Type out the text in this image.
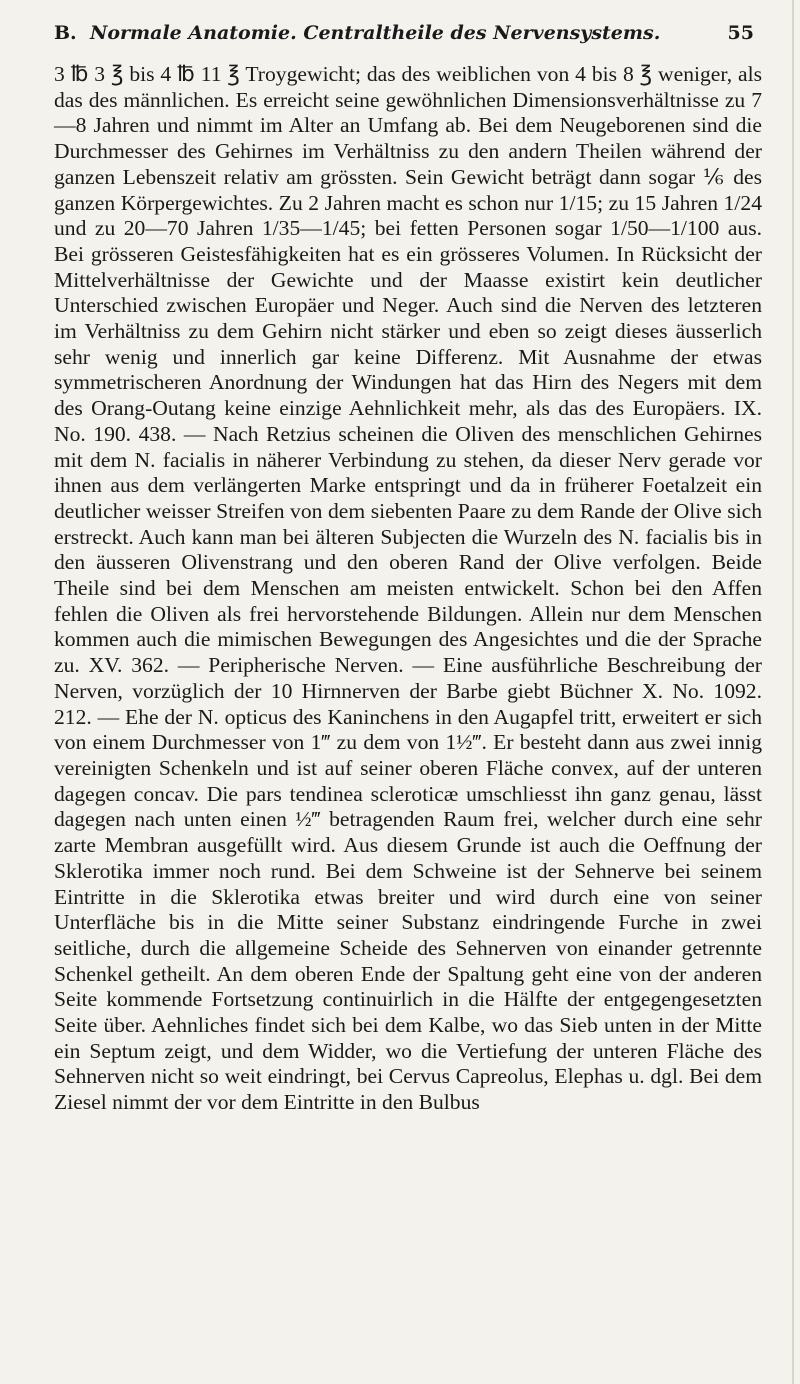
B. Normale Anatomie. Centraltheile des Nervensystems.	55

3 ℔ 3 ℥ bis 4 ℔ 11 ℥ Troygewicht; das des weiblichen von 4 bis 8 ℥ weniger, als das des männlichen. Es erreicht seine gewöhnlichen Dimensionsverhältnisse zu 7—8 Jahren und nimmt im Alter an Umfang ab. Bei dem Neugeborenen sind die Durchmesser des Gehirnes im Verhältniss zu den andern Theilen während der ganzen Lebenszeit relativ am grössten. Sein Gewicht beträgt dann sogar ⅙ des ganzen Körpergewichtes. Zu 2 Jahren macht es schon nur 1/15; zu 15 Jahren 1/24 und zu 20—70 Jahren 1/35—1/45; bei fetten Personen sogar 1/50—1/100 aus. Bei grösseren Geistesfähigkeiten hat es ein grösseres Volumen. In Rücksicht der Mittelverhältnisse der Gewichte und der Maasse existirt kein deutlicher Unterschied zwischen Europäer und Neger. Auch sind die Nerven des letzteren im Verhältniss zu dem Gehirn nicht stärker und eben so zeigt dieses äusserlich sehr wenig und innerlich gar keine Differenz. Mit Ausnahme der etwas symmetrischeren Anordnung der Windungen hat das Hirn des Negers mit dem des Orang-Outang keine einzige Aehnlichkeit mehr, als das des Europäers. IX. No. 190. 438. — Nach Retzius scheinen die Oliven des menschlichen Gehirnes mit dem N. facialis in näherer Verbindung zu stehen, da dieser Nerv gerade vor ihnen aus dem verlängerten Marke entspringt und da in früherer Foetalzeit ein deutlicher weisser Streifen von dem siebenten Paare zu dem Rande der Olive sich erstreckt. Auch kann man bei älteren Subjecten die Wurzeln des N. facialis bis in den äusseren Olivenstrang und den oberen Rand der Olive verfolgen. Beide Theile sind bei dem Menschen am meisten entwickelt. Schon bei den Affen fehlen die Oliven als frei hervorstehende Bildungen. Allein nur dem Menschen kommen auch die mimischen Bewegungen des Angesichtes und die der Sprache zu. XV. 362. — Peripherische Nerven. — Eine ausführliche Beschreibung der Nerven, vorzüglich der 10 Hirnnerven der Barbe giebt Büchner X. No. 1092. 212. — Ehe der N. opticus des Kaninchens in den Augapfel tritt, erweitert er sich von einem Durchmesser von 1‴ zu dem von 1½‴. Er besteht dann aus zwei innig vereinigten Schenkeln und ist auf seiner oberen Fläche convex, auf der unteren dagegen concav. Die pars tendinea scleroticæ umschliesst ihn ganz genau, lässt dagegen nach unten einen ½‴ betragenden Raum frei, welcher durch eine sehr zarte Membran ausgefüllt wird. Aus diesem Grunde ist auch die Oeffnung der Sklerotika immer noch rund. Bei dem Schweine ist der Sehnerve bei seinem Eintritte in die Sklerotika etwas breiter und wird durch eine von seiner Unterfläche bis in die Mitte seiner Substanz eindringende Furche in zwei seitliche, durch die allgemeine Scheide des Sehnerven von einander getrennte Schenkel getheilt. An dem oberen Ende der Spaltung geht eine von der anderen Seite kommende Fortsetzung continuirlich in die Hälfte der entgegengesetzten Seite über. Aehnliches findet sich bei dem Kalbe, wo das Sieb unten in der Mitte ein Septum zeigt, und dem Widder, wo die Vertiefung der unteren Fläche des Sehnerven nicht so weit eindringt, bei Cervus Capreolus, Elephas u. dgl. Bei dem Ziesel nimmt der vor dem Eintritte in den Bulbus
